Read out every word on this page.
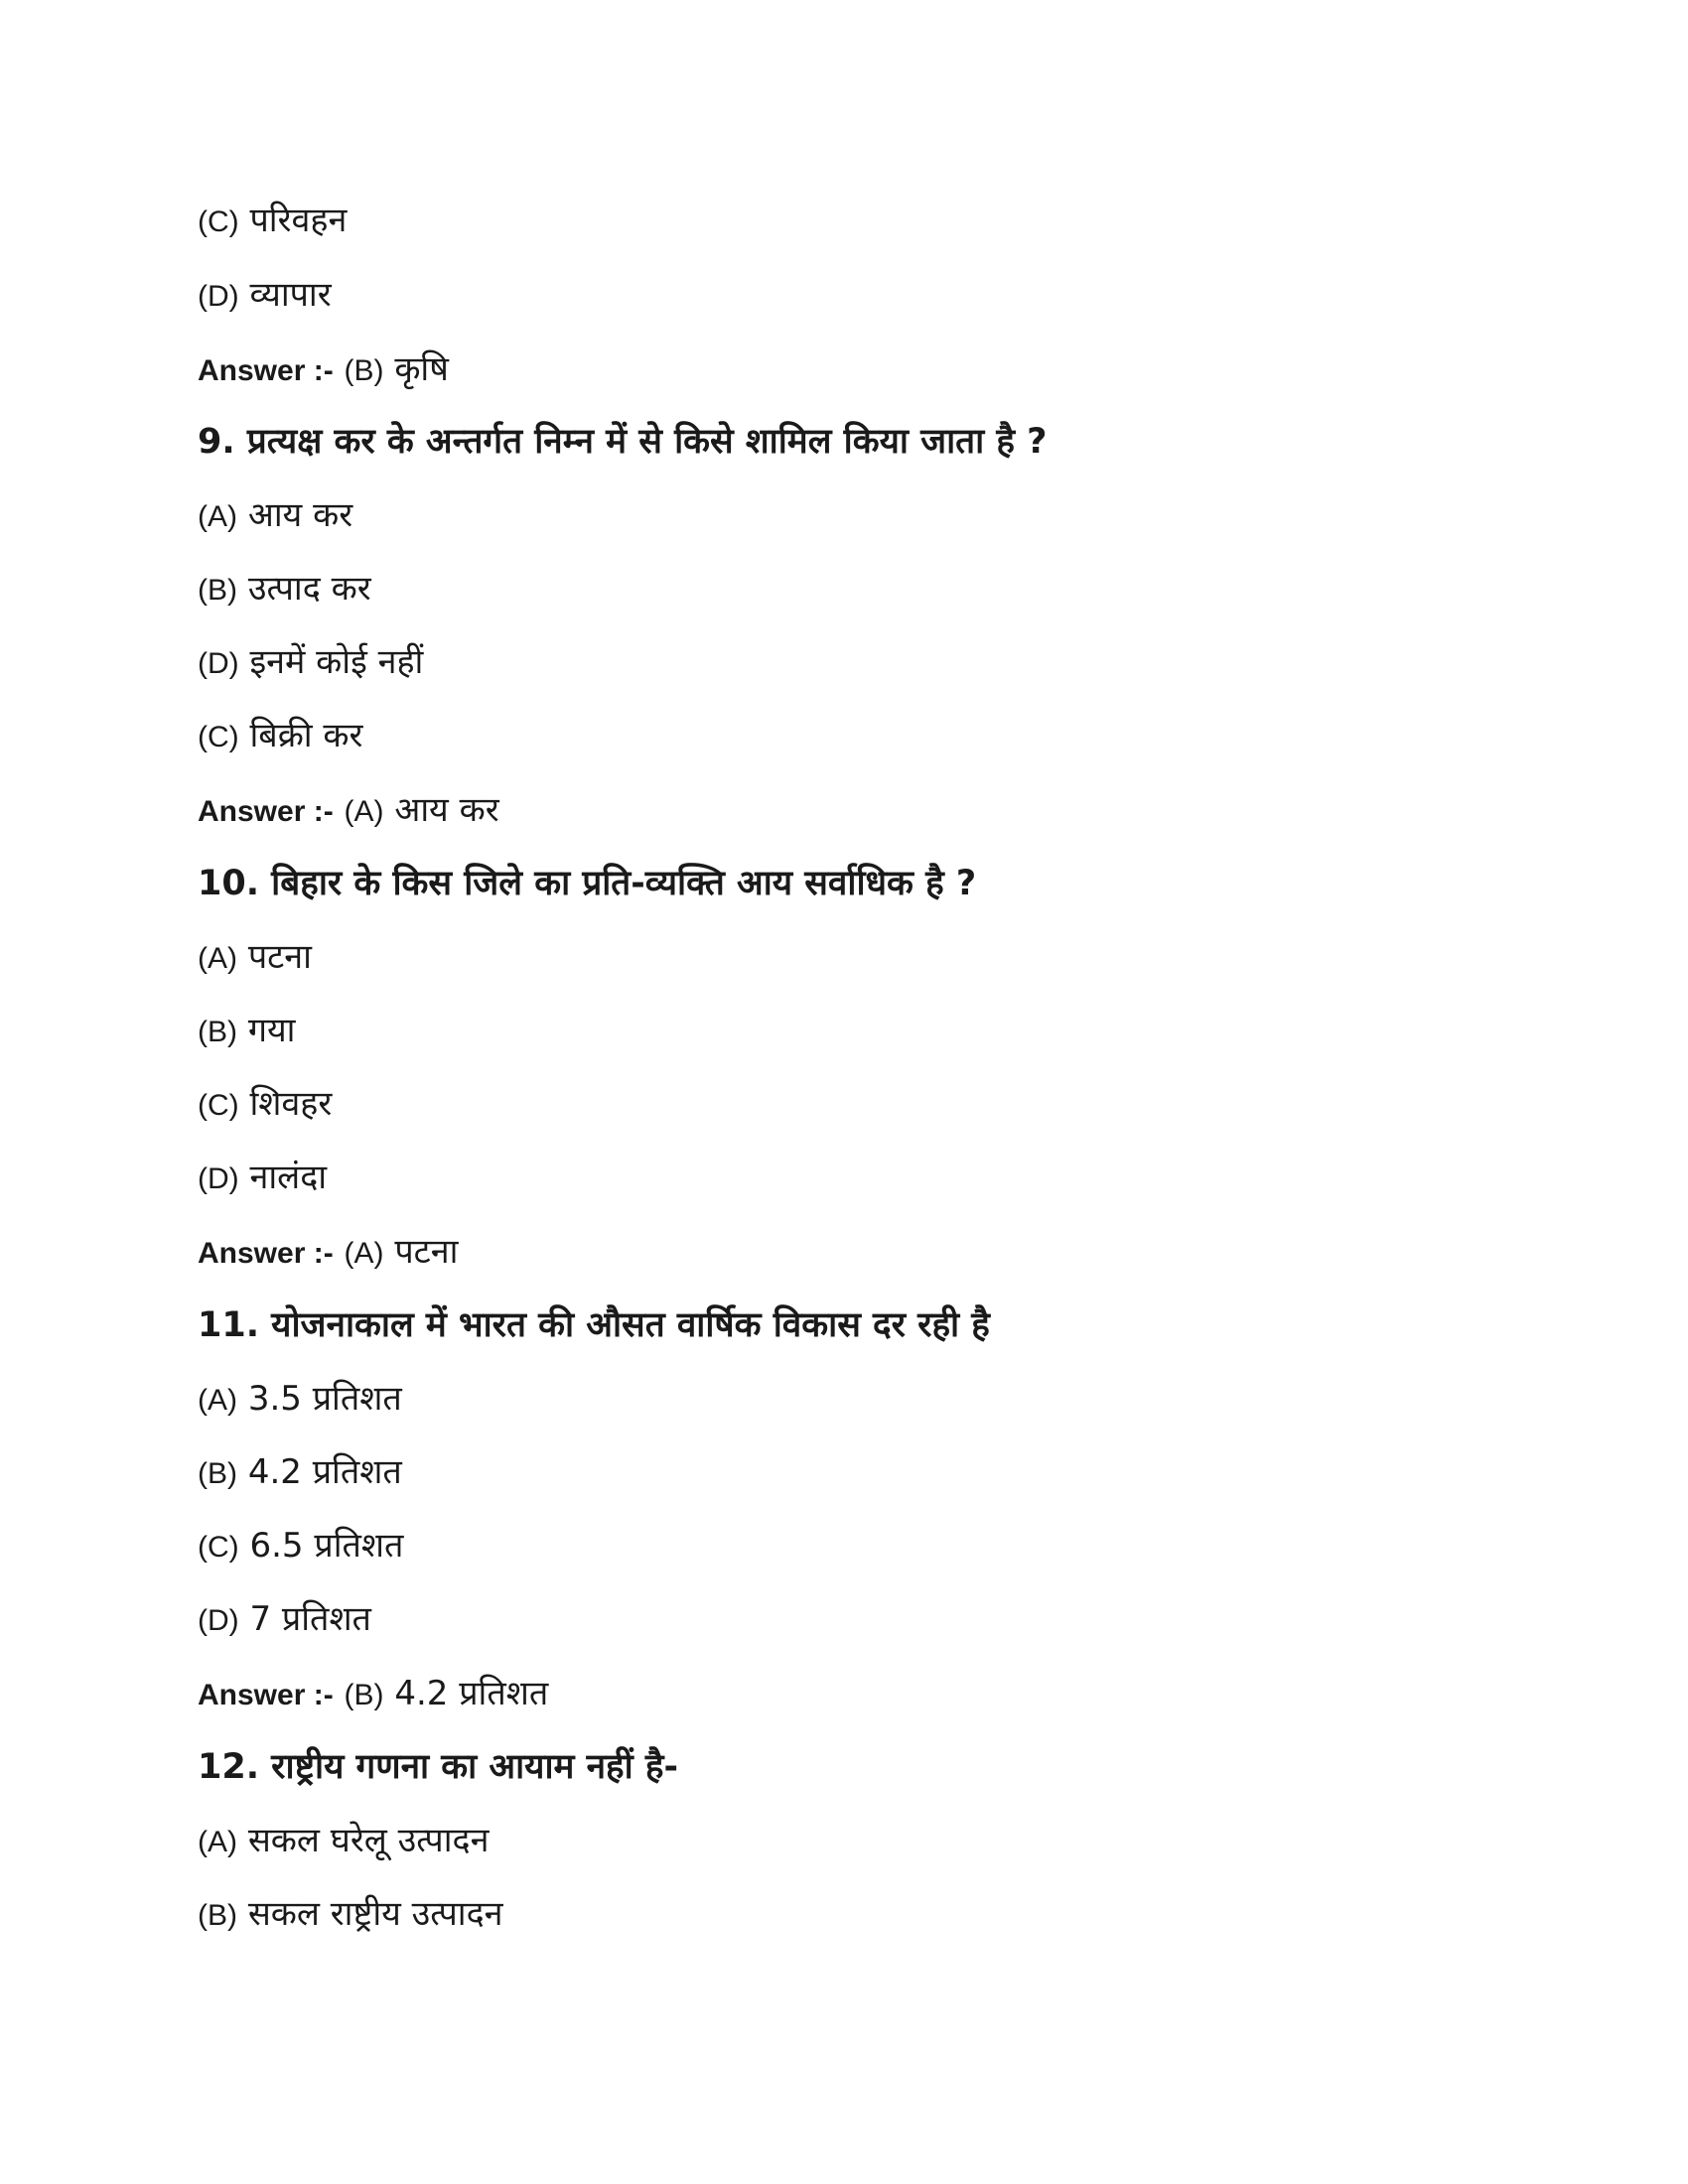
(C) परिवहन
(D) व्यापार
Answer :- (B) कृषि
9. प्रत्यक्ष कर के अन्तर्गत निम्न में से किसे शामिल किया जाता है ?
(A) आय कर
(B) उत्पाद कर
(D) इनमें कोई नहीं
(C) बिक्री कर
Answer :- (A) आय कर
10. बिहार के किस जिले का प्रति-व्यक्ति आय सर्वाधिक है ?
(A) पटना
(B) गया
(C) शिवहर
(D) नालंदा
Answer :- (A) पटना
11. योजनाकाल में भारत की औसत वार्षिक विकास दर रही है
(A) 3.5 प्रतिशत
(B) 4.2 प्रतिशत
(C) 6.5 प्रतिशत
(D) 7 प्रतिशत
Answer :- (B) 4.2 प्रतिशत
12. राष्ट्रीय गणना का आयाम नहीं है-
(A) सकल घरेलू उत्पादन
(B) सकल राष्ट्रीय उत्पादन
